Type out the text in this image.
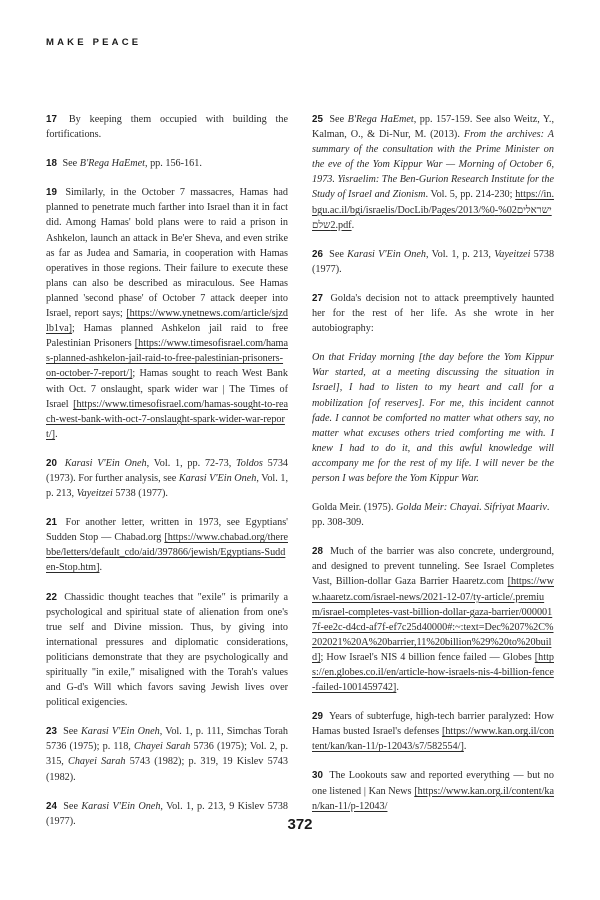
MAKE PEACE

17 By keeping them occupied with building the fortifications.

18 See B'Rega HaEmet, pp. 156-161.

19 Similarly, in the October 7 massacres, Hamas had planned to penetrate much farther into Israel than it in fact did. Among Hamas' bold plans were to raid a prison in Ashkelon, launch an attack in Be'er Sheva, and even strike as far as Judea and Samaria, in cooperation with Hamas operatives in those regions. Their failure to execute these plans can also be described as miraculous. See Hamas planned 'second phase' of October 7 attack deeper into Israel, report says; [https://www.ynetnews.com/article/sjzdlb1va]; Hamas planned Ashkelon jail raid to free Palestinian Prisoners [https://www.timesofisrael.com/hamas-planned-ashkelon-jail-raid-to-free-palestinian-prisoners-on-october-7-report/]; Hamas sought to reach West Bank with Oct. 7 onslaught, spark wider war | The Times of Israel [https://www.timesofisrael.com/hamas-sought-to-reach-west-bank-with-oct-7-onslaught-spark-wider-war-report/].

20 Karasi V'Ein Oneh, Vol. 1, pp. 72-73, Toldos 5734 (1973). For further analysis, see Karasi V'Ein Oneh, Vol. 1, p. 213, Vayeitzei 5738 (1977).

21 For another letter, written in 1973, see Egyptians' Sudden Stop — Chabad.org [https://www.chabad.org/therebbe/letters/default_cdo/aid/397866/jewish/Egyptians-Sudden-Stop.htm].

22 Chassidic thought teaches that "exile" is primarily a psychological and spiritual state of alienation from one's true self and Divine mission. Thus, by giving into international pressures and diplomatic considerations, politicians demonstrate that they are psychologically and spiritually "in exile," misaligned with the Torah's values and G-d's Will which favors saving Jewish lives over political exigencies.

23 See Karasi V'Ein Oneh, Vol. 1, p. 111, Simchas Torah 5736 (1975); p. 118, Chayei Sarah 5736 (1975); Vol. 2, p. 315, Chayei Sarah 5743 (1982); p. 319, 19 Kislev 5743 (1982).

24 See Karasi V'Ein Oneh, Vol. 1, p. 213, 9 Kislev 5738 (1977).

25 See B'Rega HaEmet, pp. 157-159. See also Weitz, Y., Kalman, O., & Di-Nur, M. (2013). From the archives: A summary of the consultation with the Prime Minister on the eve of the Yom Kippur War — Morning of October 6, 1973. Yisraelim: The Ben-Gurion Research Institute for the Study of Israel and Zionism. Vol. 5, pp. 214-230; https://in.bgu.ac.il/bgi/israelis/DocLib/Pages/2013/ישראלים%02-%02שלם.pdf.

26 See Karasi V'Ein Oneh, Vol. 1, p. 213, Vayeitzei 5738 (1977).

27 Golda's decision not to attack preemptively haunted her for the rest of her life. As she wrote in her autobiography:

On that Friday morning [the day before the Yom Kippur War started, at a meeting discussing the situation in Israel], I had to listen to my heart and call for a mobilization [of reserves]. For me, this incident cannot fade. I cannot be comforted no matter what others say, no matter what excuses others tried comforting me with. I knew I had to do it, and this awful knowledge will accompany me for the rest of my life. I will never be the person I was before the Yom Kippur War.

Golda Meir. (1975). Golda Meir: Chayai. Sifriyat Maariv. pp. 308-309.

28 Much of the barrier was also concrete, underground, and designed to prevent tunneling. See Israel Completes Vast, Billion-dollar Gaza Barrier Haaretz.com [https://www.haaretz.com/israel-news/2021-12-07/ty-article/.premium/israel-completes-vast-billion-dollar-gaza-barrier/0000017f-ee2c-d4cd-af7f-ef7c25d40000#:~:text=Dec%207%2C%202021%20A%20barrier,11%20billion%29%20to%20build]; How Israel's NIS 4 billion fence failed — Globes [https://en.globes.co.il/en/article-how-israels-nis-4-billion-fence-failed-1001459742].

29 Years of subterfuge, high-tech barrier paralyzed: How Hamas busted Israel's defenses [https://www.kan.org.il/content/kan/kan-11/p-12043/s7/582554/].

30 The Lookouts saw and reported everything — but no one listened | Kan News [https://www.kan.org.il/content/kan/kan-11/p-12043/

372
